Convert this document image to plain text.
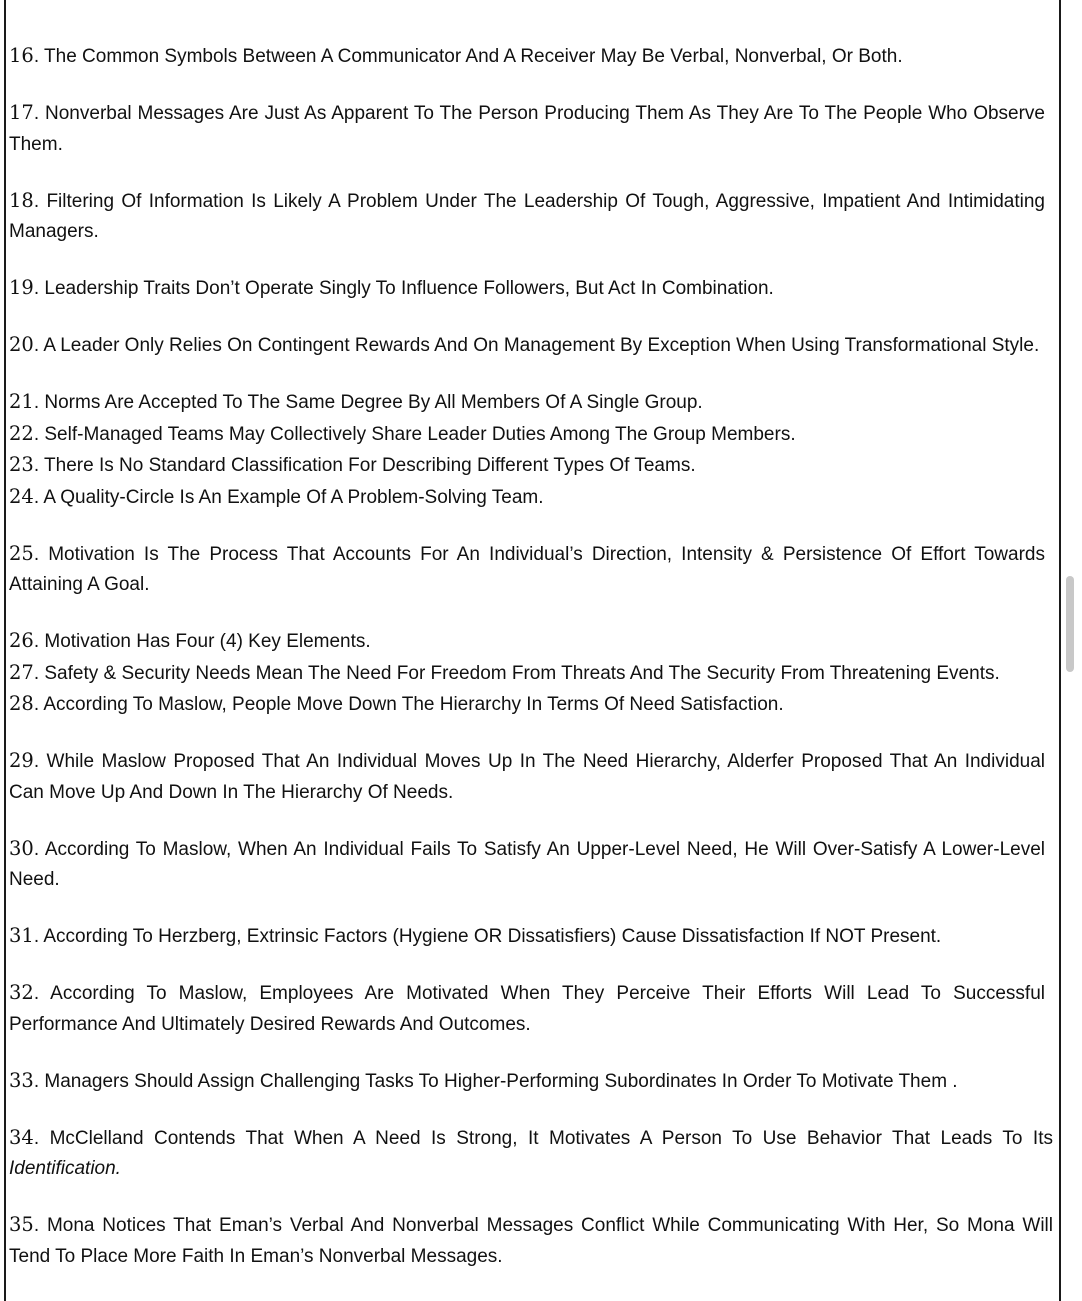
16. The Common Symbols Between A Communicator And A Receiver May Be Verbal, Nonverbal, Or Both.

17. Nonverbal Messages Are Just As Apparent To The Person Producing Them As They Are To The People Who Observe Them.

18. Filtering Of Information Is Likely A Problem Under The Leadership Of Tough, Aggressive, Impatient And Intimidating Managers.

19. Leadership Traits Don’t Operate Singly To Influence Followers, But Act In Combination.

20. A Leader Only Relies On Contingent Rewards And On Management By Exception When Using Transformational Style.

21. Norms Are Accepted To The Same Degree By All Members Of A Single Group.

22. Self-Managed Teams May Collectively Share Leader Duties Among The Group Members.

23. There Is No Standard Classification For Describing Different Types Of Teams.

24. A Quality-Circle Is An Example Of A Problem-Solving Team.

25. Motivation Is The Process That Accounts For An Individual’s Direction, Intensity & Persistence Of Effort Towards Attaining A Goal.

26. Motivation Has Four (4) Key Elements.

27. Safety & Security Needs Mean The Need For Freedom From Threats And The Security From Threatening Events.

28. According To Maslow, People Move Down The Hierarchy In Terms Of Need Satisfaction.

29. While Maslow Proposed That An Individual Moves Up In The Need Hierarchy, Alderfer Proposed That An Individual Can Move Up And Down In The Hierarchy Of Needs.

30. According To Maslow, When An Individual Fails To Satisfy An Upper-Level Need, He Will Over-Satisfy A Lower-Level Need.

31. According To Herzberg, Extrinsic Factors (Hygiene OR Dissatisfiers) Cause Dissatisfaction If NOT Present.

32. According To Maslow, Employees Are Motivated When They Perceive Their Efforts Will Lead To Successful Performance And Ultimately Desired Rewards And Outcomes.

33. Managers Should Assign Challenging Tasks To Higher-Performing Subordinates In Order To Motivate Them .

34. McClelland Contends That When A Need Is Strong, It Motivates A Person To Use Behavior That Leads To Its Identification.

35. Mona Notices That Eman’s Verbal And Nonverbal Messages Conflict While Communicating With Her, So Mona Will Tend To Place More Faith In Eman’s Nonverbal Messages.
